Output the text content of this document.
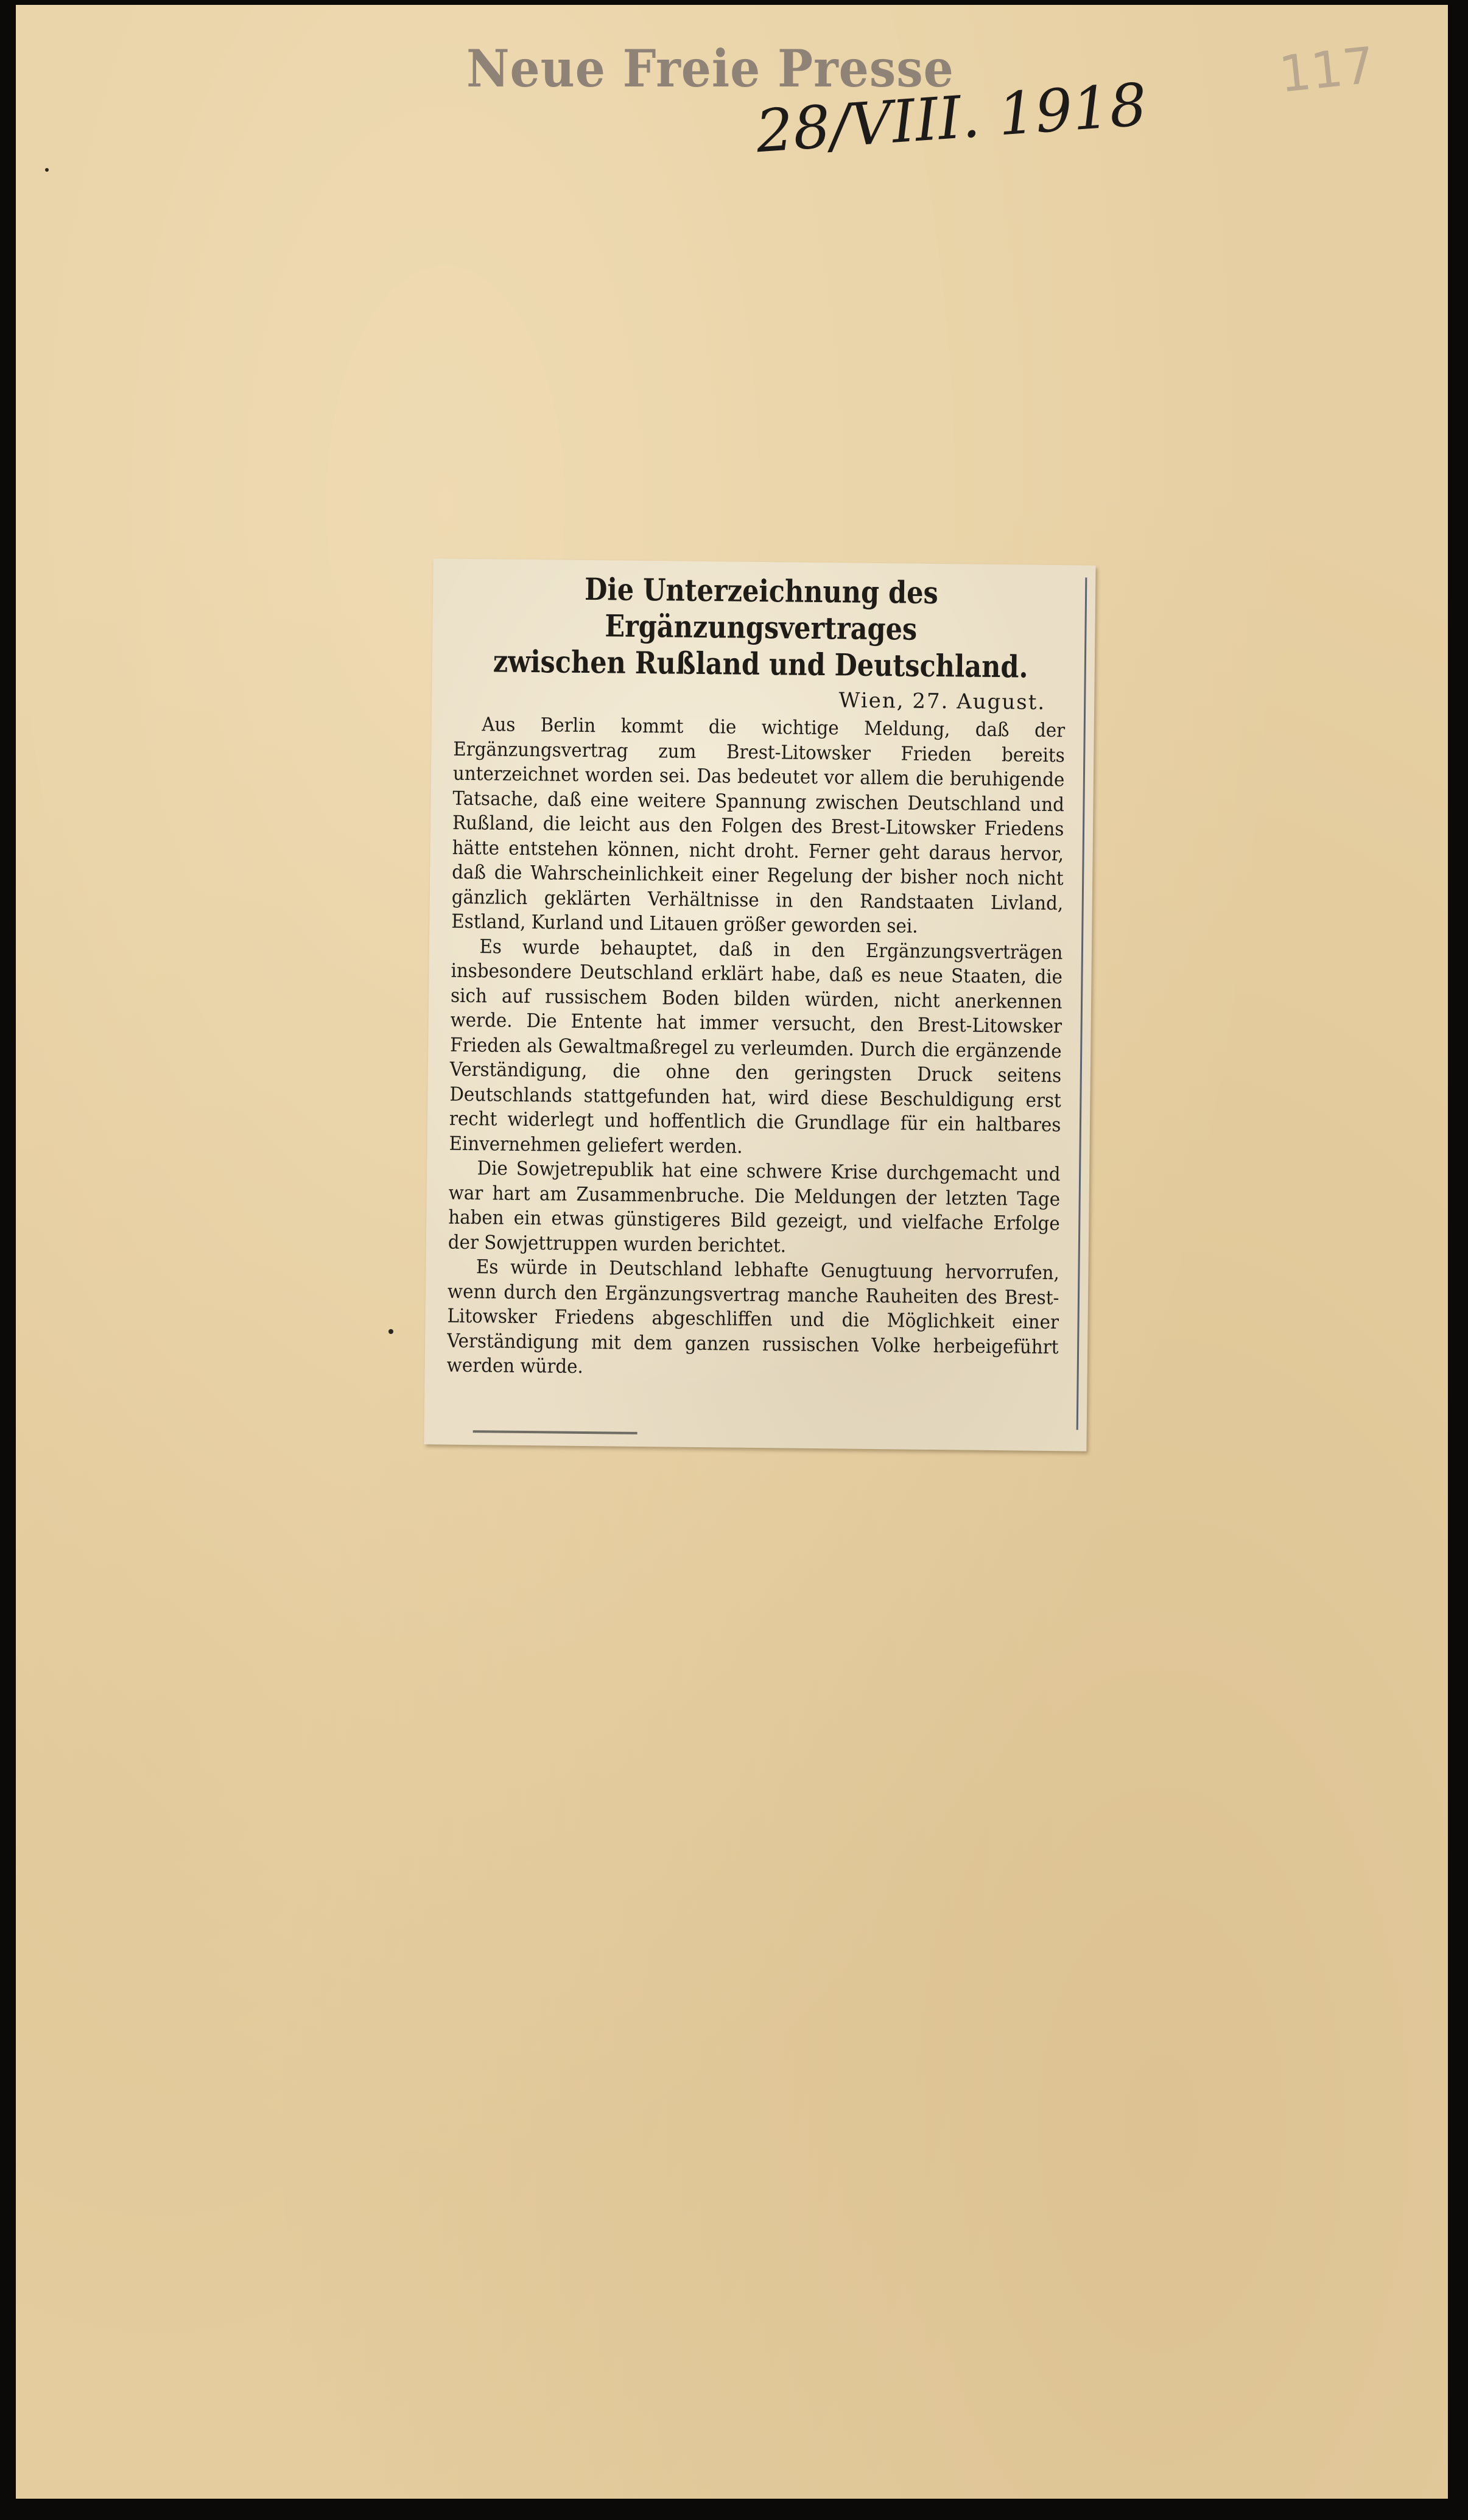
Neue Freie Presse
28/VIII. 1918
117
Die Unterzeichnung des Ergänzungsvertrages
zwischen Rußland und Deutschland.
Wien, 27. August.

Aus Berlin kommt die wichtige Meldung, daß der Ergänzungsvertrag zum Brest-Litowsker Frieden bereits unterzeichnet worden sei. Das bedeutet vor allem die beruhigende Tatsache, daß eine weitere Spannung zwischen Deutschland und Rußland, die leicht aus den Folgen des Brest-Litowsker Friedens hätte entstehen können, nicht droht. Ferner geht daraus hervor, daß die Wahrscheinlichkeit einer Regelung der bisher noch nicht gänzlich geklärten Verhältnisse in den Randstaaten Livland, Estland, Kurland und Litauen größer geworden sei.

Es wurde behauptet, daß in den Ergänzungsverträgen insbesondere Deutschland erklärt habe, daß es neue Staaten, die sich auf russischem Boden bilden würden, nicht anerkennen werde. Die Entente hat immer versucht, den Brest-Litowsker Frieden als Gewaltmaßregel zu verleumden. Durch die ergänzende Verständigung, die ohne den geringsten Druck seitens Deutschlands stattgefunden hat, wird diese Beschuldigung erst recht widerlegt und hoffentlich die Grundlage für ein haltbares Einvernehmen geliefert werden.

Die Sowjetrepublik hat eine schwere Krise durchgemacht und war hart am Zusammenbruche. Die Meldungen der letzten Tage haben ein etwas günstigeres Bild gezeigt, und vielfache Erfolge der Sowjettruppen wurden berichtet.

Es würde in Deutschland lebhafte Genugtuung hervorrufen, wenn durch den Ergänzungsvertrag manche Rauheiten des Brest-Litowsker Friedens abgeschliffen und die Möglichkeit einer Verständigung mit dem ganzen russischen Volke herbeigeführt werden würde.
